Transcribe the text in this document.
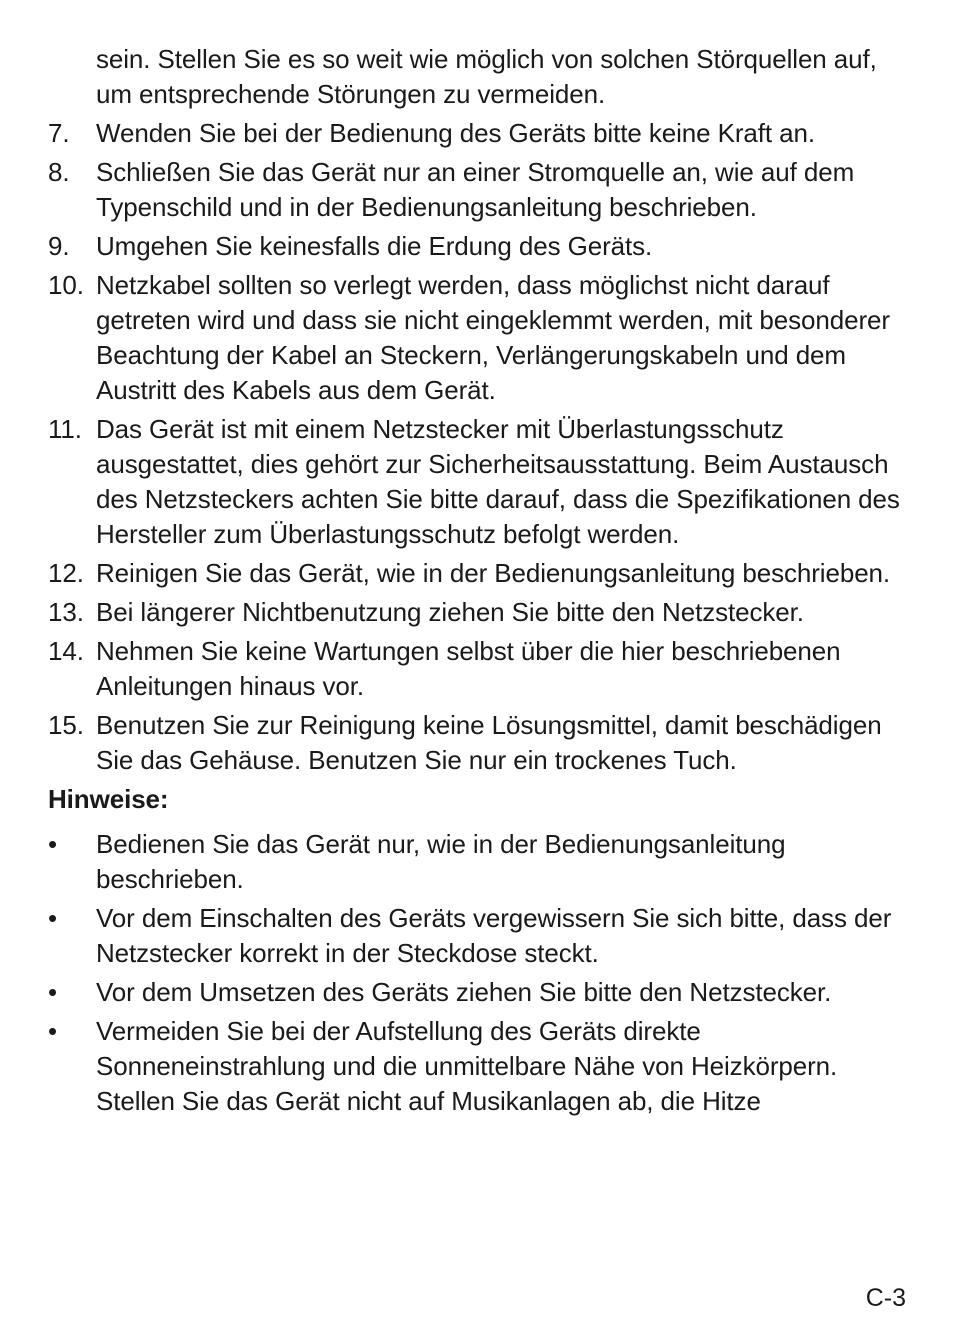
sein. Stellen Sie es so weit wie möglich von solchen Störquellen auf, um entsprechende Störungen zu vermeiden.
7.	Wenden Sie bei der Bedienung des Geräts bitte keine Kraft an.
8.	Schließen Sie das Gerät nur an einer Stromquelle an, wie auf dem Typenschild und in der Bedienungsanleitung beschrieben.
9.	Umgehen Sie keinesfalls die Erdung des Geräts.
10. Netzkabel sollten so verlegt werden, dass möglichst nicht darauf getreten wird und dass sie nicht eingeklemmt werden, mit besonderer Beachtung der Kabel an Steckern, Verlängerungskabeln und dem Austritt des Kabels aus dem Gerät.
11. Das Gerät ist mit einem Netzstecker mit Überlastungsschutz ausgestattet, dies gehört zur Sicherheitsausstattung. Beim Austausch des Netzsteckers achten Sie bitte darauf, dass die Spezifikationen des Hersteller zum Überlastungsschutz befolgt werden.
12. Reinigen Sie das Gerät, wie in der Bedienungsanleitung beschrieben.
13. Bei längerer Nichtbenutzung ziehen Sie bitte den Netzstecker.
14. Nehmen Sie keine Wartungen selbst über die hier beschriebenen Anleitungen hinaus vor.
15. Benutzen Sie zur Reinigung keine Lösungsmittel, damit beschädigen Sie das Gehäuse. Benutzen Sie nur ein trockenes Tuch.
Hinweise:
•	Bedienen Sie das Gerät nur, wie in der Bedienungsanleitung beschrieben.
•	Vor dem Einschalten des Geräts vergewissern Sie sich bitte, dass der Netzstecker korrekt in der Steckdose steckt.
•	Vor dem Umsetzen des Geräts ziehen Sie bitte den Netzstecker.
•	Vermeiden Sie bei der Aufstellung des Geräts direkte Sonneneinstrahlung und die unmittelbare Nähe von Heizkörpern. Stellen Sie das Gerät nicht auf Musikanlagen ab, die Hitze
C-3
